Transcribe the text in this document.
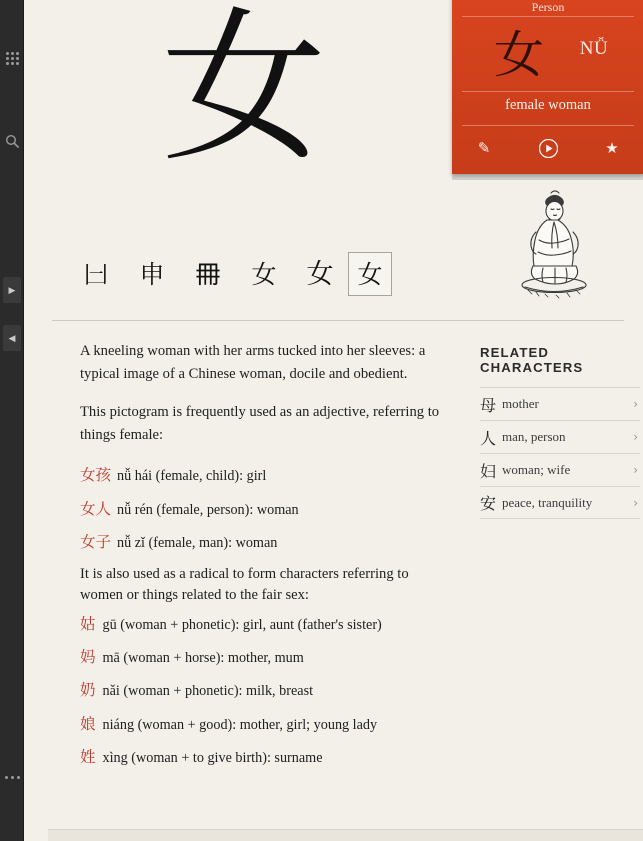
▶
◀
女	Person
女	NǙ
female woman
✎	★
𠙵	申	𠕋	女	女 女

A kneeling woman with her arms tucked into her sleeves: a typical image of a Chinese woman, docile and obedient.

This pictogram is frequently used as an adjective, referring to things female:

女孩 nǚ hái (female, child): girl

女人 nǚ rén (female, person): woman

女子 nǚ zǐ (female, man): woman

It is also used as a radical to form characters referring to women or things related to the fair sex:

姑 gū (woman + phonetic): girl, aunt (father's sister)

妈 mā (woman + horse): mother, mum

奶 nǎi (woman + phonetic): milk, breast

娘 niáng (woman + good): mother, girl; young lady

姓 xìng (woman + to give birth): surname

RELATED CHARACTERS
母 mother	›
人 man, person	›
妇 woman; wife	›
安 peace, tranquility	›
